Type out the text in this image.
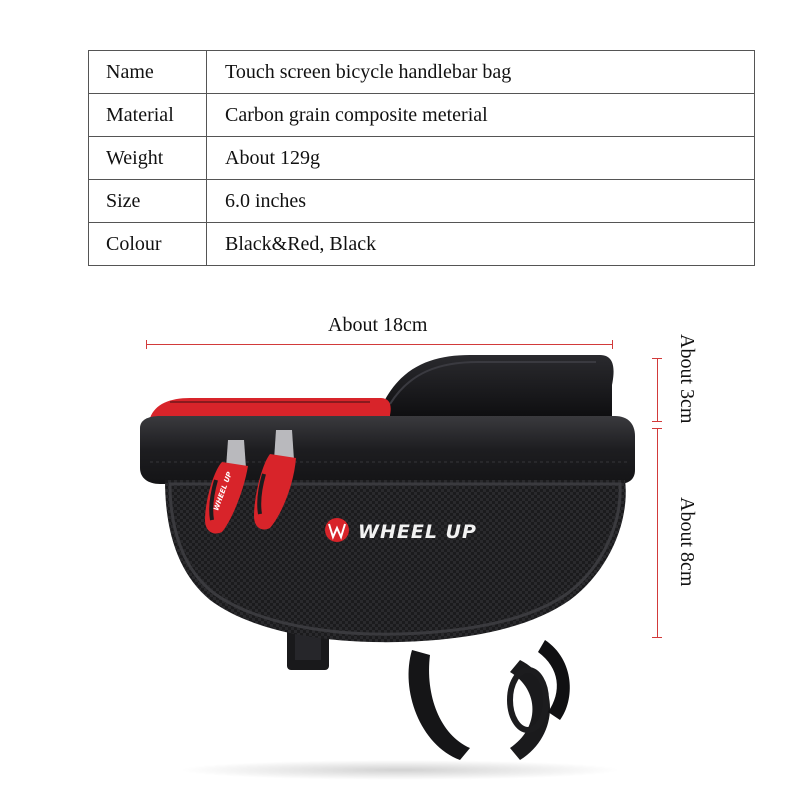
Name	Touch screen bicycle handlebar bag
Material	Carbon grain composite meterial
Weight	About 129g
Size	6.0 inches
Colour	Black&Red, Black
WHEEL UP
WHEEL UP
About 18cm
About 3cm
About 8cm
